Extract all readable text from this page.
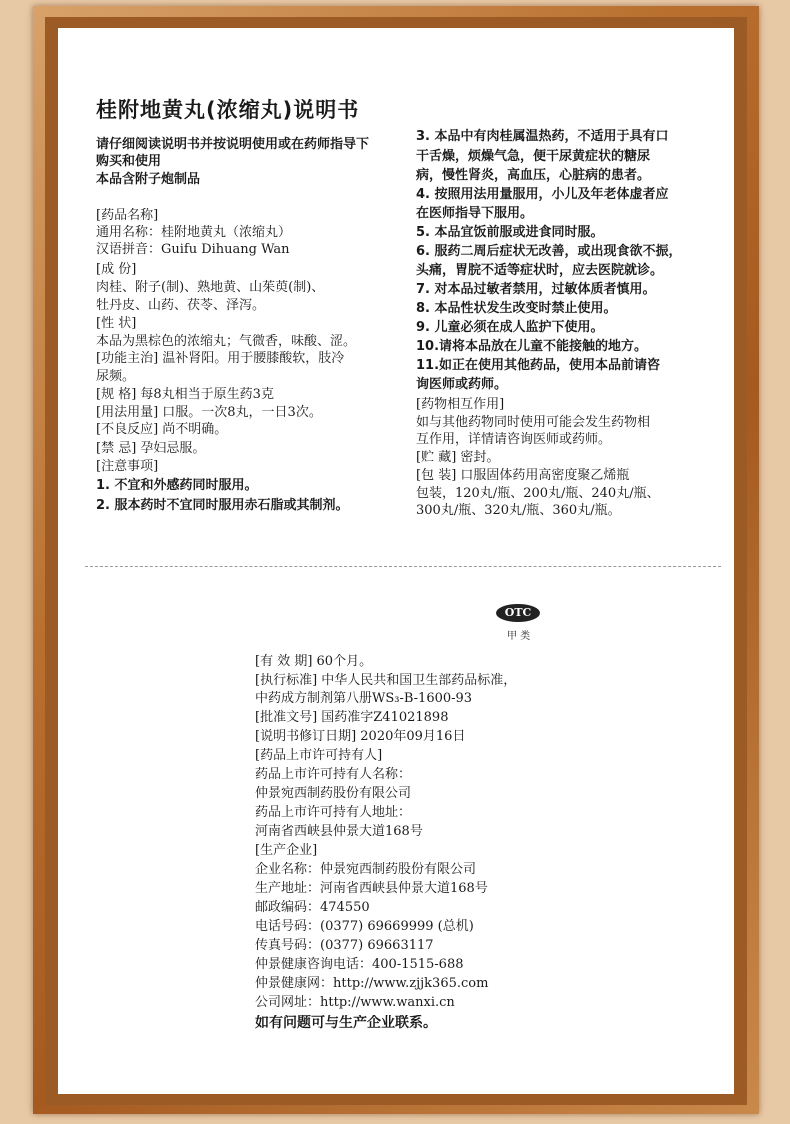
桂附地黄丸(浓缩丸)说明书
请仔细阅读说明书并按说明使用或在药师指导下
购买和使用
本品含附子炮制品
[药品名称]
通用名称：桂附地黄丸（浓缩丸）
汉语拼音：Guifu Dihuang Wan
[成 份]
肉桂、附子(制)、熟地黄、山茱萸(制)、
牡丹皮、山药、茯苓、泽泻。
[性 状]
本品为黑棕色的浓缩丸；气微香，味酸、涩。
[功能主治] 温补肾阳。用于腰膝酸软，肢冷
尿频。
[规 格] 每8丸相当于原生药3克
[用法用量] 口服。一次8丸，一日3次。
[不良反应] 尚不明确。
[禁 忌] 孕妇忌服。
[注意事项]
1. 不宜和外感药同时服用。
2. 服本药时不宜同时服用赤石脂或其制剂。
3. 本品中有肉桂属温热药，不适用于具有口
干舌燥，烦燥气急，便干尿黄症状的糖尿
病，慢性肾炎，高血压，心脏病的患者。
4. 按照用法用量服用，小儿及年老体虚者应
在医师指导下服用。
5. 本品宜饭前服或进食同时服。
6. 服药二周后症状无改善，或出现食欲不振，
头痛，胃脘不适等症状时，应去医院就诊。
7. 对本品过敏者禁用，过敏体质者慎用。
8. 本品性状发生改变时禁止使用。
9. 儿童必须在成人监护下使用。
10.请将本品放在儿童不能接触的地方。
11.如正在使用其他药品，使用本品前请咨
询医师或药师。
[药物相互作用]
如与其他药物同时使用可能会发生药物相
互作用，详情请咨询医师或药师。
[贮 藏] 密封。
[包 装] 口服固体药用高密度聚乙烯瓶
包装，120丸/瓶、200丸/瓶、240丸/瓶、
300丸/瓶、320丸/瓶、360丸/瓶。
OTC
甲 类
[有 效 期] 60个月。
[执行标准] 中华人民共和国卫生部药品标准，
中药成方制剂第八册WS₃-B-1600-93
[批准文号] 国药准字Z41021898
[说明书修订日期] 2020年09月16日
[药品上市许可持有人]
药品上市许可持有人名称：
仲景宛西制药股份有限公司
药品上市许可持有人地址：
河南省西峡县仲景大道168号
[生产企业]
企业名称：仲景宛西制药股份有限公司
生产地址：河南省西峡县仲景大道168号
邮政编码：474550
电话号码：(0377) 69669999 (总机)
传真号码：(0377) 69663117
仲景健康咨询电话：400-1515-688
仲景健康网：http://www.zjjk365.com
公司网址：http://www.wanxi.cn
如有问题可与生产企业联系。
